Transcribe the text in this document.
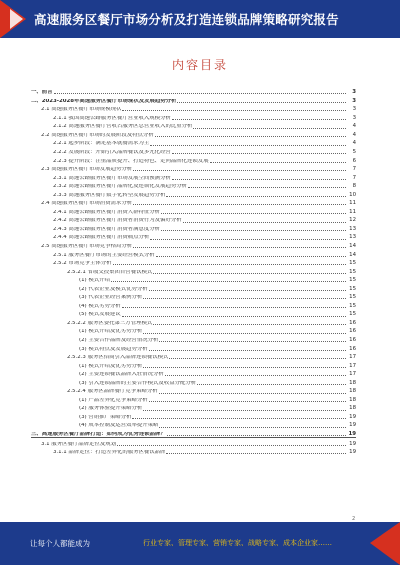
高速服务区餐厅市场分析及打造连锁品牌策略研究报告
内容目录
一、前言	3
二、2023-2028年高速服务区餐厅市场现状及发展趋势分析	3
2.1 高速服务区餐厅市场规模现状	3
2.1.1 我国高速公路服务区餐厅营业收入规模分析	3
2.1.2 高速服务区餐厅营收占服务区总营业收入的比重分析	4
2.2 高速服务区餐厅市场的发展阶段及特点分析	4
2.2.1 起步阶段：满足基本就餐需求为主	4
2.2.2 发展阶段：开始引入品牌餐饮及多元化经营	5
2.2.3 提升阶段：注重品质提升、打造特色、走向品牌化连锁发展	6
2.3 高速服务区餐厅市场发展趋势分析	7
2.3.1 高速公路服务区餐厅市场发展空间预测分析	7
2.3.2 高速公路服务区餐厅品牌化及连锁化发展趋势分析	8
2.3.3 高速服务区餐厅数字化转型发展趋势分析	10
2.4 高速服务区餐厅市场消费需求分析	11
2.4.1 高速公路服务区餐厅消费人群特征分析	11
2.4.2 高速公路服务区餐厅消费者消费行为及偏好分析	12
2.4.3 高速公路服务区餐厅消费者满意度分析	13
2.4.4 高速公路服务区餐厅消费痛点分析	13
2.5 高速服务区餐厅市场竞争格局分析	14
2.5.1 服务区餐厅市场的主要经营模式分析	14
2.5.2 市场竞争主体分析	15
2.5.2.1 省级交投集团自营餐饮模式	15
(1) 模式介绍	15
(2) 代表企业及模式优势分析	15
(3) 代表企业经营案例分析	15
(4) 模式劣势分析	15
(5) 模式发展建议	15
2.5.2.2 服务区委托第三方管理模式	16
(1) 模式介绍及优劣势分析	16
(2) 主要合作品牌及经营情况分析	16
(3) 模式特点及发展趋势分析	16
2.5.2.3 服务区招商引入品牌连锁餐饮模式	17
(1) 模式介绍及优劣势分析	17
(2) 主要连锁餐饮品牌入驻情况分析	17
(3) 引入连锁品牌的主要合作模式及收益分配分析	18
2.5.2.4 服务区品牌餐厅竞争策略分析	18
(1) 产品差异化竞争策略分析	18
(2) 服务体验提升策略分析	18
(3) 营销推广策略分析	19
(4) 成本控制及运营效率提升策略	19
三、高速服务区餐厅品牌打造：如何成为优秀连锁品牌？	19
3.1 服务区餐厅品牌定位及规划	19
3.1.1 品牌定位：打造差异化的服务区餐饮品牌	19
2
让每个人都能成为	行业专家、管理专家、营销专家、战略专家、成本企业家……
